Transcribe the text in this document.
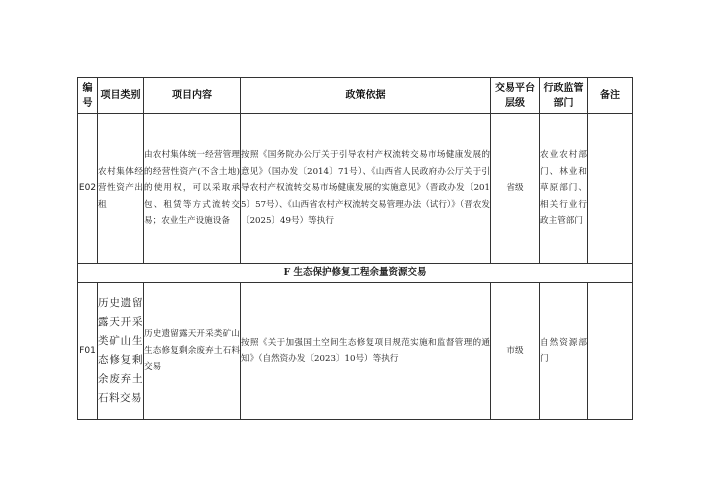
编号	项目类别	项目内容	政策依据	交易平台层级	行政监管部门	备注
E02	农村集体经营性资产出租	由农村集体统一经营管理的经营性资产(不含土地)的使用权，可以采取承包、租赁等方式流转交易；农业生产设施设备	按照《国务院办公厅关于引导农村产权流转交易市场健康发展的意见》（国办发〔2014〕71号）、《山西省人民政府办公厅关于引导农村产权流转交易市场健康发展的实施意见》（晋政办发〔2015〕57号）、《山西省农村产权流转交易管理办法（试行）》（晋农发〔2025〕49号）等执行	省级	农业农村部门、林业和草原部门、相关行业行政主管部门	
F 生态保护修复工程余量资源交易						
F01	历史遗留露天开采类矿山生态修复剩余废弃土石料交易	历史遗留露天开采类矿山生态修复剩余废弃土石料交易	按照《关于加强国土空间生态修复项目规范实施和监督管理的通知》（自然资办发〔2023〕10号）等执行	市级	自然资源部门	
